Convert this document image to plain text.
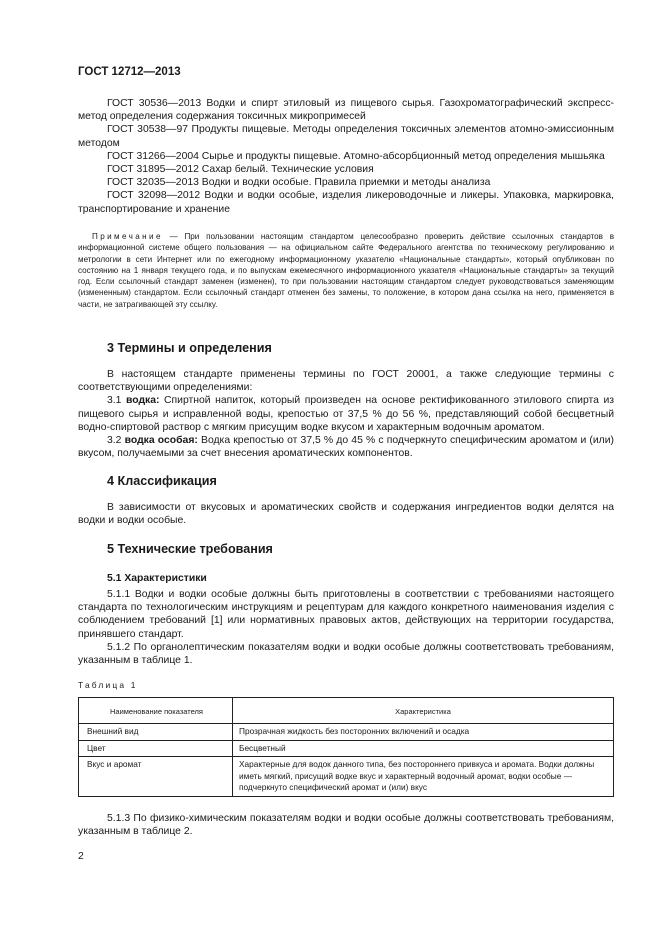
ГОСТ 12712—2013

ГОСТ 30536—2013 Водки и спирт этиловый из пищевого сырья. Газохроматографический экспресс-метод определения содержания токсичных микропримесей

ГОСТ 30538—97 Продукты пищевые. Методы определения токсичных элементов атомно-эмиссионным методом

ГОСТ 31266—2004 Сырье и продукты пищевые. Атомно-абсорбционный метод определения мышьяка

ГОСТ 31895—2012 Сахар белый. Технические условия

ГОСТ 32035—2013 Водки и водки особые. Правила приемки и методы анализа

ГОСТ 32098—2012 Водки и водки особые, изделия ликероводочные и ликеры. Упаковка, маркировка, транспортирование и хранение

Примечание — При пользовании настоящим стандартом целесообразно проверить действие ссылочных стандартов в информационной системе общего пользования — на официальном сайте Федерального агентства по техническому регулированию и метрологии в сети Интернет или по ежегодному информационному указателю «Национальные стандарты», который опубликован по состоянию на 1 января текущего года, и по выпускам ежемесячного информационного указателя «Национальные стандарты» за текущий год. Если ссылочный стандарт заменен (изменен), то при пользовании настоящим стандартом следует руководствоваться заменяющим (измененным) стандартом. Если ссылочный стандарт отменен без замены, то положение, в котором дана ссылка на него, применяется в части, не затрагивающей эту ссылку.

3 Термины и определения

В настоящем стандарте применены термины по ГОСТ 20001, а также следующие термины с соответствующими определениями:

3.1 водка: Спиртной напиток, который произведен на основе ректификованного этилового спирта из пищевого сырья и исправленной воды, крепостью от 37,5 % до 56 %, представляющий собой бесцветный водно-спиртовой раствор с мягким присущим водке вкусом и характерным водочным ароматом.

3.2 водка особая: Водка крепостью от 37,5 % до 45 % с подчеркнуто специфическим ароматом и (или) вкусом, получаемыми за счет внесения ароматических компонентов.

4 Классификация

В зависимости от вкусовых и ароматических свойств и содержания ингредиентов водки делятся на водки и водки особые.

5 Технические требования
5.1 Характеристики

5.1.1 Водки и водки особые должны быть приготовлены в соответствии с требованиями настоящего стандарта по технологическим инструкциям и рецептурам для каждого конкретного наименования изделия с соблюдением требований [1] или нормативных правовых актов, действующих на территории государства, принявшего стандарт.

5.1.2 По органолептическим показателям водки и водки особые должны соответствовать требованиям, указанным в таблице 1.

Таблица 1
Наименование показателя	Характеристика
Внешний вид	Прозрачная жидкость без посторонних включений и осадка
Цвет	Бесцветный
Вкус и аромат	Характерные для водок данного типа, без постороннего привкуса и аромата. Водки должны иметь мягкий, присущий водке вкус и характерный водочный аромат, водки особые — подчеркнуто специфический аромат и (или) вкус

5.1.3 По физико-химическим показателям водки и водки особые должны соответствовать требованиям, указанным в таблице 2.

2
